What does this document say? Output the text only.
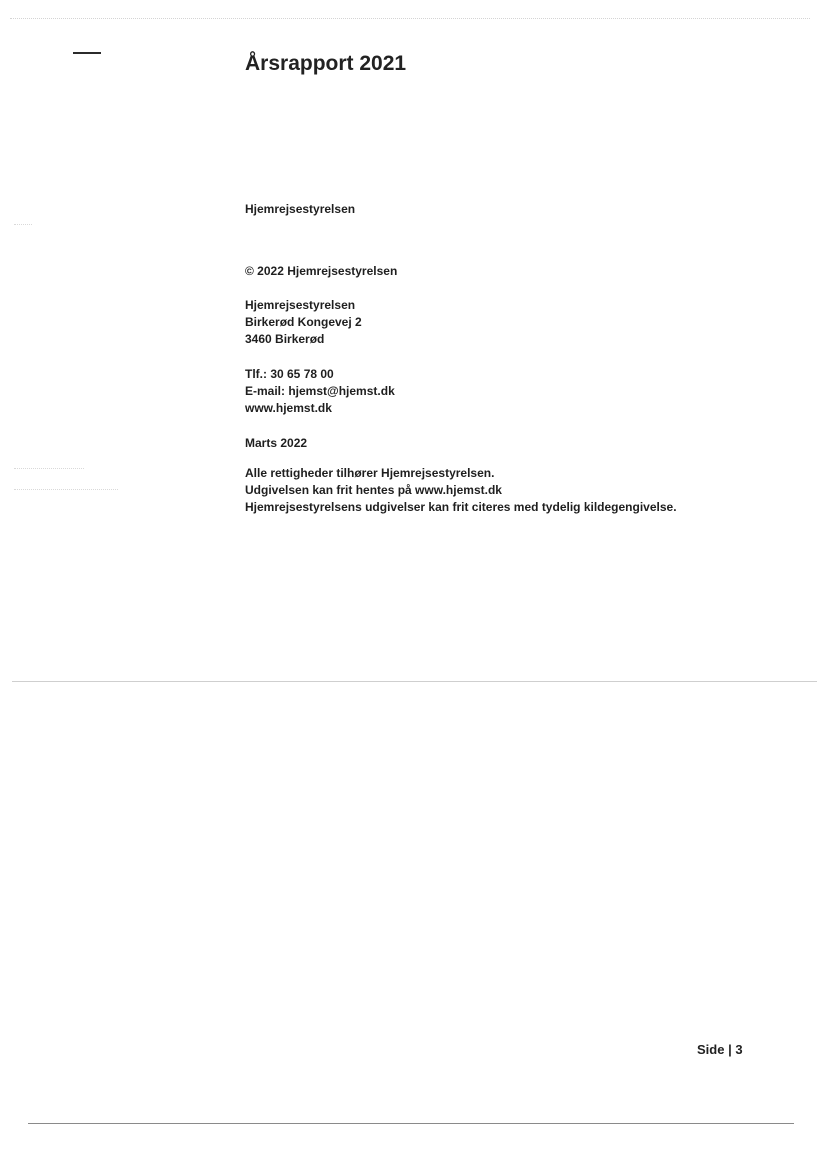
Årsrapport 2021

Hjemrejsestyrelsen

© 2022 Hjemrejsestyrelsen

Hjemrejsestyrelsen
Birkerød Kongevej 2
3460 Birkerød
Tlf.: 30 65 78 00
E-mail: hjemst@hjemst.dk
www.hjemst.dk

Marts 2022

Alle rettigheder tilhører Hjemrejsestyrelsen.
Udgivelsen kan frit hentes på www.hjemst.dk
Hjemrejsestyrelsens udgivelser kan frit citeres med tydelig kildegengivelse.

Side | 3
